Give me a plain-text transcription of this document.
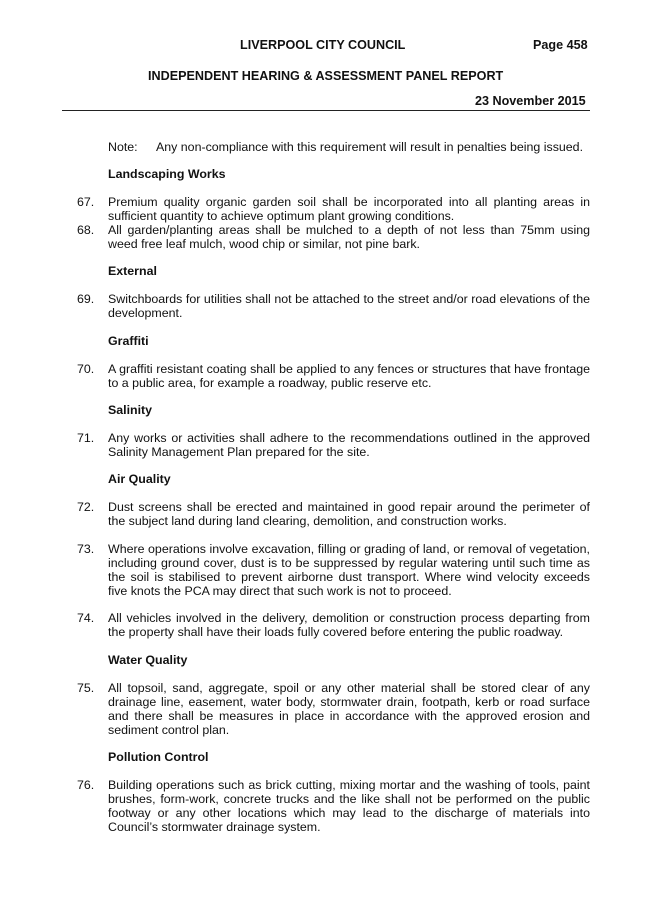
LIVERPOOL CITY COUNCIL	Page 458
INDEPENDENT HEARING & ASSESSMENT PANEL REPORT
23 November 2015
Note: Any non-compliance with this requirement will result in penalties being issued.
Landscaping Works
67. Premium quality organic garden soil shall be incorporated into all planting areas in sufficient quantity to achieve optimum plant growing conditions.
68. All garden/planting areas shall be mulched to a depth of not less than 75mm using weed free leaf mulch, wood chip or similar, not pine bark.
External
69. Switchboards for utilities shall not be attached to the street and/or road elevations of the development.
Graffiti
70. A graffiti resistant coating shall be applied to any fences or structures that have frontage to a public area, for example a roadway, public reserve etc.
Salinity
71. Any works or activities shall adhere to the recommendations outlined in the approved Salinity Management Plan prepared for the site.
Air Quality
72. Dust screens shall be erected and maintained in good repair around the perimeter of the subject land during land clearing, demolition, and construction works.
73. Where operations involve excavation, filling or grading of land, or removal of vegetation, including ground cover, dust is to be suppressed by regular watering until such time as the soil is stabilised to prevent airborne dust transport. Where wind velocity exceeds five knots the PCA may direct that such work is not to proceed.
74. All vehicles involved in the delivery, demolition or construction process departing from the property shall have their loads fully covered before entering the public roadway.
Water Quality
75. All topsoil, sand, aggregate, spoil or any other material shall be stored clear of any drainage line, easement, water body, stormwater drain, footpath, kerb or road surface and there shall be measures in place in accordance with the approved erosion and sediment control plan.
Pollution Control
76. Building operations such as brick cutting, mixing mortar and the washing of tools, paint brushes, form-work, concrete trucks and the like shall not be performed on the public footway or any other locations which may lead to the discharge of materials into Council’s stormwater drainage system.
